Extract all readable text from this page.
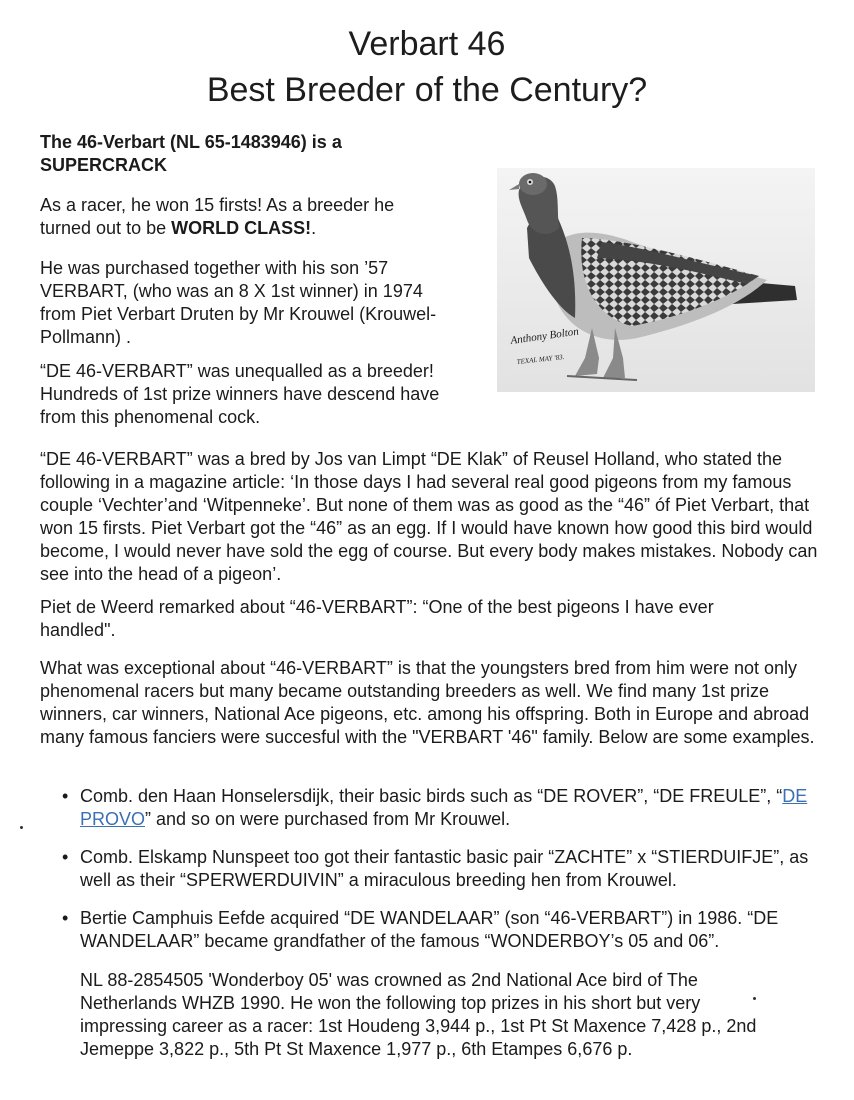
Verbart 46
Best Breeder of the Century?

The 46-Verbart (NL 65-1483946) is a SUPERCRACK

As a racer, he won 15 firsts! As a breeder he turned out to be WORLD CLASS!.

He was purchased together with his son ’57 VERBART, (who was an 8 X 1st winner) in 1974 from Piet Verbart Druten by Mr Krouwel (Krouwel-Pollmann) .

“DE 46-VERBART” was unequalled as a breeder! Hundreds of 1st prize winners have descend have from this phenomenal cock.

Anthony Bolton
TEXAL MAY '83.

“DE 46-VERBART” was a bred by Jos van Limpt “DE Klak” of Reusel Holland, who stated the following in a magazine article: ‘In those days I had several real good pigeons from my famous couple ‘Vechter’and ‘Witpenneke’. But none of them was as good as the “46” óf Piet Verbart, that won 15 firsts. Piet Verbart got the “46” as an egg. If I would have known how good this bird would become, I would never have sold the egg of course. But every body makes mistakes. Nobody can see into the head of a pigeon’.

Piet de Weerd remarked about “46-VERBART”: “One of the best pigeons I have ever handled".

What was exceptional about “46-VERBART” is that the youngsters bred from him were not only phenomenal racers but many became outstanding breeders as well. We find many 1st prize winners, car winners, National Ace pigeons, etc. among his offspring. Both in Europe and abroad many famous fanciers were succesful with the "VERBART '46" family. Below are some examples.

• Comb. den Haan Honselersdijk, their basic birds such as “DE ROVER”, “DE FREULE”, “DE PROVO” and so on were purchased from Mr Krouwel.

• Comb. Elskamp Nunspeet too got their fantastic basic pair “ZACHTE” x “STIERDUIFJE”, as well as their “SPERWERDUIVIN” a miraculous breeding hen from Krouwel.

• Bertie Camphuis Eefde acquired “DE WANDELAAR” (son “46-VERBART”) in 1986. “DE WANDELAAR” became grandfather of the famous “WONDERBOY’s 05 and 06”.

NL 88-2854505 'Wonderboy 05' was crowned as 2nd National Ace bird of The Netherlands WHZB 1990. He won the following top prizes in his short but very impressing career as a racer: 1st Houdeng 3,944 p., 1st Pt St Maxence 7,428 p., 2nd Jemeppe 3,822 p., 5th Pt St Maxence 1,977 p., 6th Etampes 6,676 p.
